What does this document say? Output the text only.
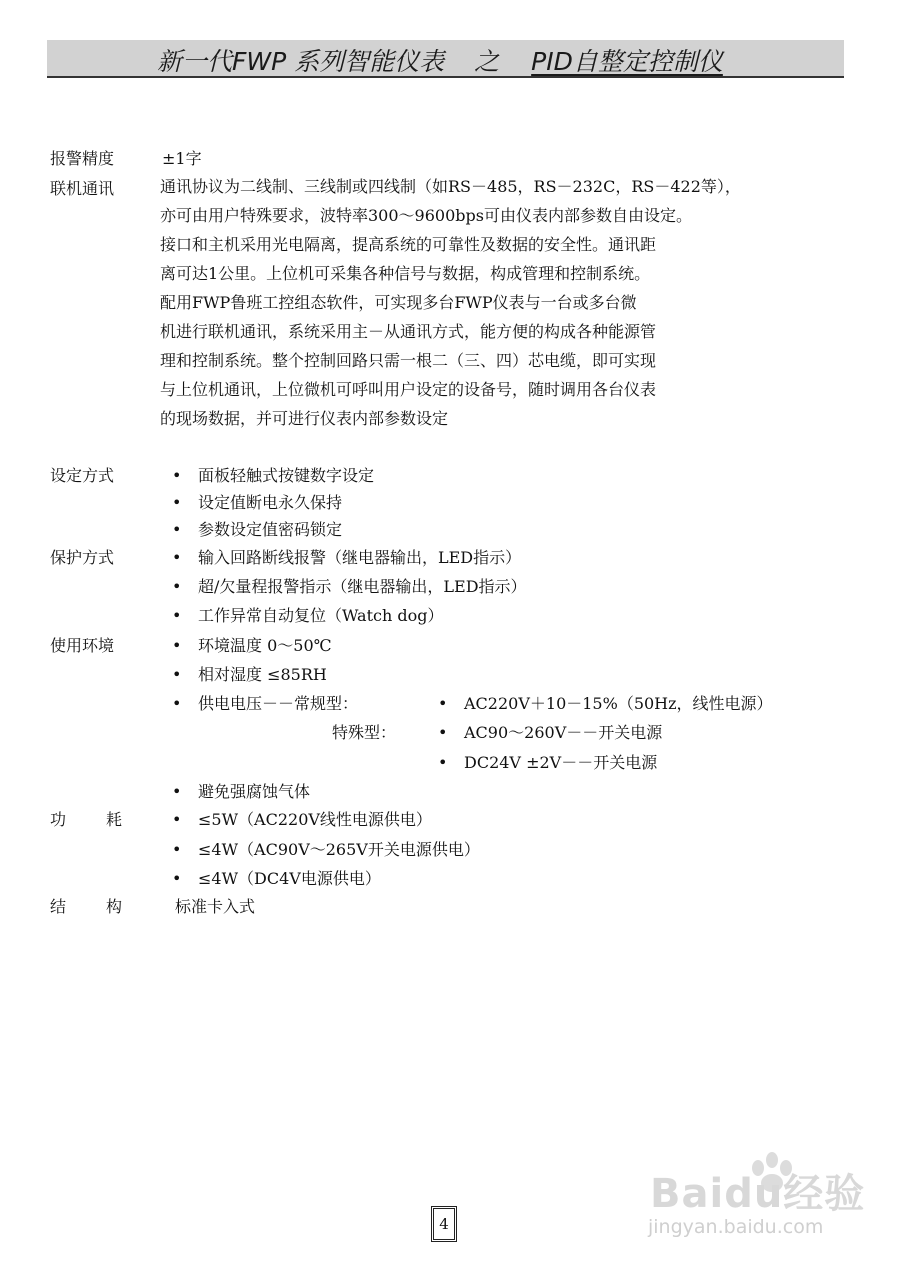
新一代FWP 系列智能仪表 之 PID自整定控制仪
报警精度	±1字
联机通讯	通讯协议为二线制、三线制或四线制（如RS－485，RS－232C，RS－422等），
亦可由用户特殊要求，波特率300～9600bps可由仪表内部参数自由设定。
接口和主机采用光电隔离，提高系统的可靠性及数据的安全性。通讯距
离可达1公里。上位机可采集各种信号与数据，构成管理和控制系统。
配用FWP鲁班工控组态软件，可实现多台FWP仪表与一台或多台微
机进行联机通讯，系统采用主－从通讯方式，能方便的构成各种能源管
理和控制系统。整个控制回路只需一根二（三、四）芯电缆，即可实现
与上位机通讯，上位微机可呼叫用户设定的设备号，随时调用各台仪表
的现场数据，并可进行仪表内部参数设定
设定方式	• 面板轻触式按键数字设定
• 设定值断电永久保持
• 参数设定值密码锁定
保护方式	• 输入回路断线报警（继电器输出，LED指示）
• 超/欠量程报警指示（继电器输出，LED指示）
• 工作异常自动复位（Watch dog）
使用环境	• 环境温度 0～50℃
• 相对湿度 ≤85RH
• 供电电压－－常规型：	• AC220V＋10－15%（50Hz，线性电源）
特殊型：	• AC90～260V－－开关电源
• DC24V ±2V－－开关电源
• 避免强腐蚀气体
功耗 • ≤5W（AC220V线性电源供电）
• ≤4W（AC90V～265V开关电源供电）
• ≤4W（DC4V电源供电）
结构 标准卡入式
4
Baidu经验
jingyan.baidu.com
